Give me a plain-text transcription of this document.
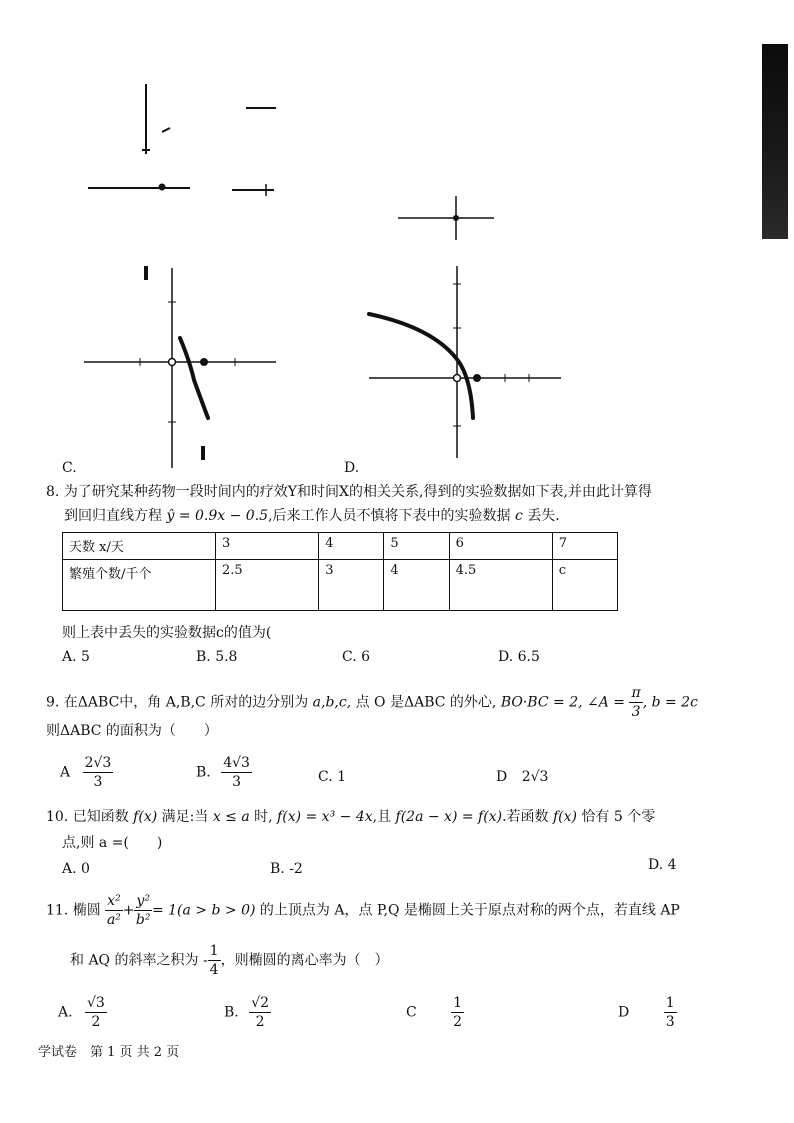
C.	D.
8. 为了研究某种药物一段时间内的疗效Y和时间X的相关关系,得到的实验数据如下表,并由此计算得
到回归直线方程 ŷ = 0.9x − 0.5,后来工作人员不慎将下表中的实验数据 c 丢失.
天数 x/天	3	4	5	6	7
繁殖个数/千个	2.5	3	4	4.5	c
则上表中丢失的实验数据c的值为(
A. 5	B. 5.8	C. 6	D. 6.5
9. 在ΔABC中，角 A,B,C 所对的边分别为 a,b,c, 点 O 是ΔABC 的外心, BO·BC = 2, ∠A = $\frac{\pi}{3}$ , b = 2c
则ΔABC 的面积为（　　）
A $\frac{2√3}{3}$	B. $\frac{4√3}{3}$	C. 1	D 2√3
10. 已知函数 f(x) 满足:当 x ≤ a 时, f(x) = x³ − 4x,且 f(2a − x) = f(x).若函数 f(x) 恰有 5 个零
点,则 a =(　　)
A. 0	B. -2	D. 4
11. 椭圆 $\frac{\text{x²}}{\text{a²}} + \frac{\text{y²}}{\text{b²}} = 1(a > b > 0)$ 的上顶点为 A，点 P,Q 是椭圆上关于原点对称的两个点，若直线 AP
和 AQ 的斜率之积为 - $\frac{1}{4}$ ，则椭圆的离心率为（　）
A. $\frac{√3}{2}$	B. $\frac{√2}{2}$	C $\frac{1}{2}$	D $\frac{1}{3}$
学试卷　第 1 页 共 2 页
